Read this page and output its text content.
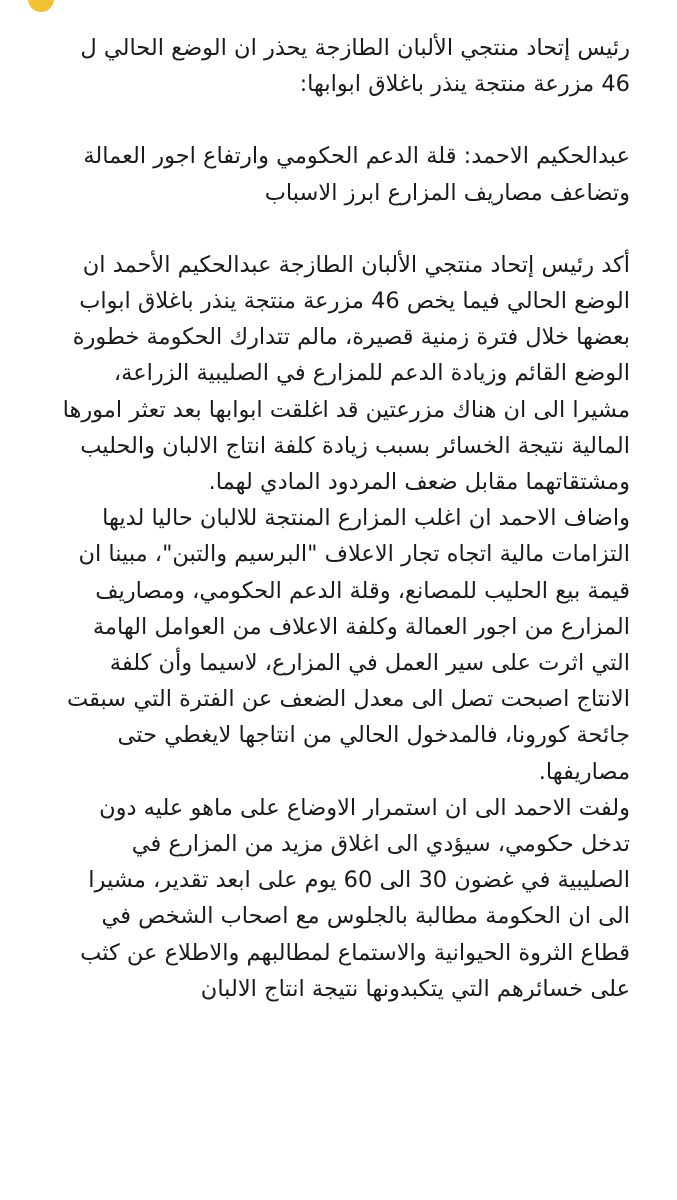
رئيس إتحاد منتجي الألبان الطازجة يحذر ان الوضع الحالي ل 46 مزرعة منتجة ينذر باغلاق ابوابها:

عبدالحكيم الاحمد: قلة الدعم الحكومي وارتفاع اجور العمالة وتضاعف مصاريف المزارع ابرز الاسباب

أكد رئيس إتحاد منتجي الألبان الطازجة عبدالحكيم الأحمد ان الوضع الحالي فيما يخص 46 مزرعة منتجة ينذر باغلاق ابواب بعضها خلال فترة زمنية قصيرة، مالم تتدارك الحكومة خطورة الوضع القائم وزيادة الدعم للمزارع في الصليبية الزراعة، مشيرا الى ان هناك مزرعتين قد اغلقت ابوابها بعد تعثر امورها المالية نتيجة الخسائر بسبب زيادة كلفة انتاج الالبان والحليب ومشتقاتهما مقابل ضعف المردود المادي لهما.

واضاف الاحمد ان اغلب المزارع المنتجة للالبان حاليا لديها التزامات مالية اتجاه تجار الاعلاف "البرسيم والتبن"، مبينا ان قيمة بيع الحليب للمصانع، وقلة الدعم الحكومي، ومصاريف المزارع من اجور العمالة وكلفة الاعلاف من العوامل الهامة التي اثرت على سير العمل في المزارع، لاسيما وأن كلفة الانتاج اصبحت تصل الى معدل الضعف عن الفترة التي سبقت جائحة كورونا، فالمدخول الحالي من انتاجها لايغطي حتى مصاريفها.

ولفت الاحمد الى ان استمرار الاوضاع على ماهو عليه دون تدخل حكومي، سيؤدي الى اغلاق مزيد من المزارع في الصليبية في غضون 30 الى 60 يوم على ابعد تقدير، مشيرا الى ان الحكومة مطالبة بالجلوس مع اصحاب الشخص في قطاع الثروة الحيوانية والاستماع لمطالبهم والاطلاع عن كثب على خسائرهم التي يتكبدونها نتيجة انتاج الالبان
